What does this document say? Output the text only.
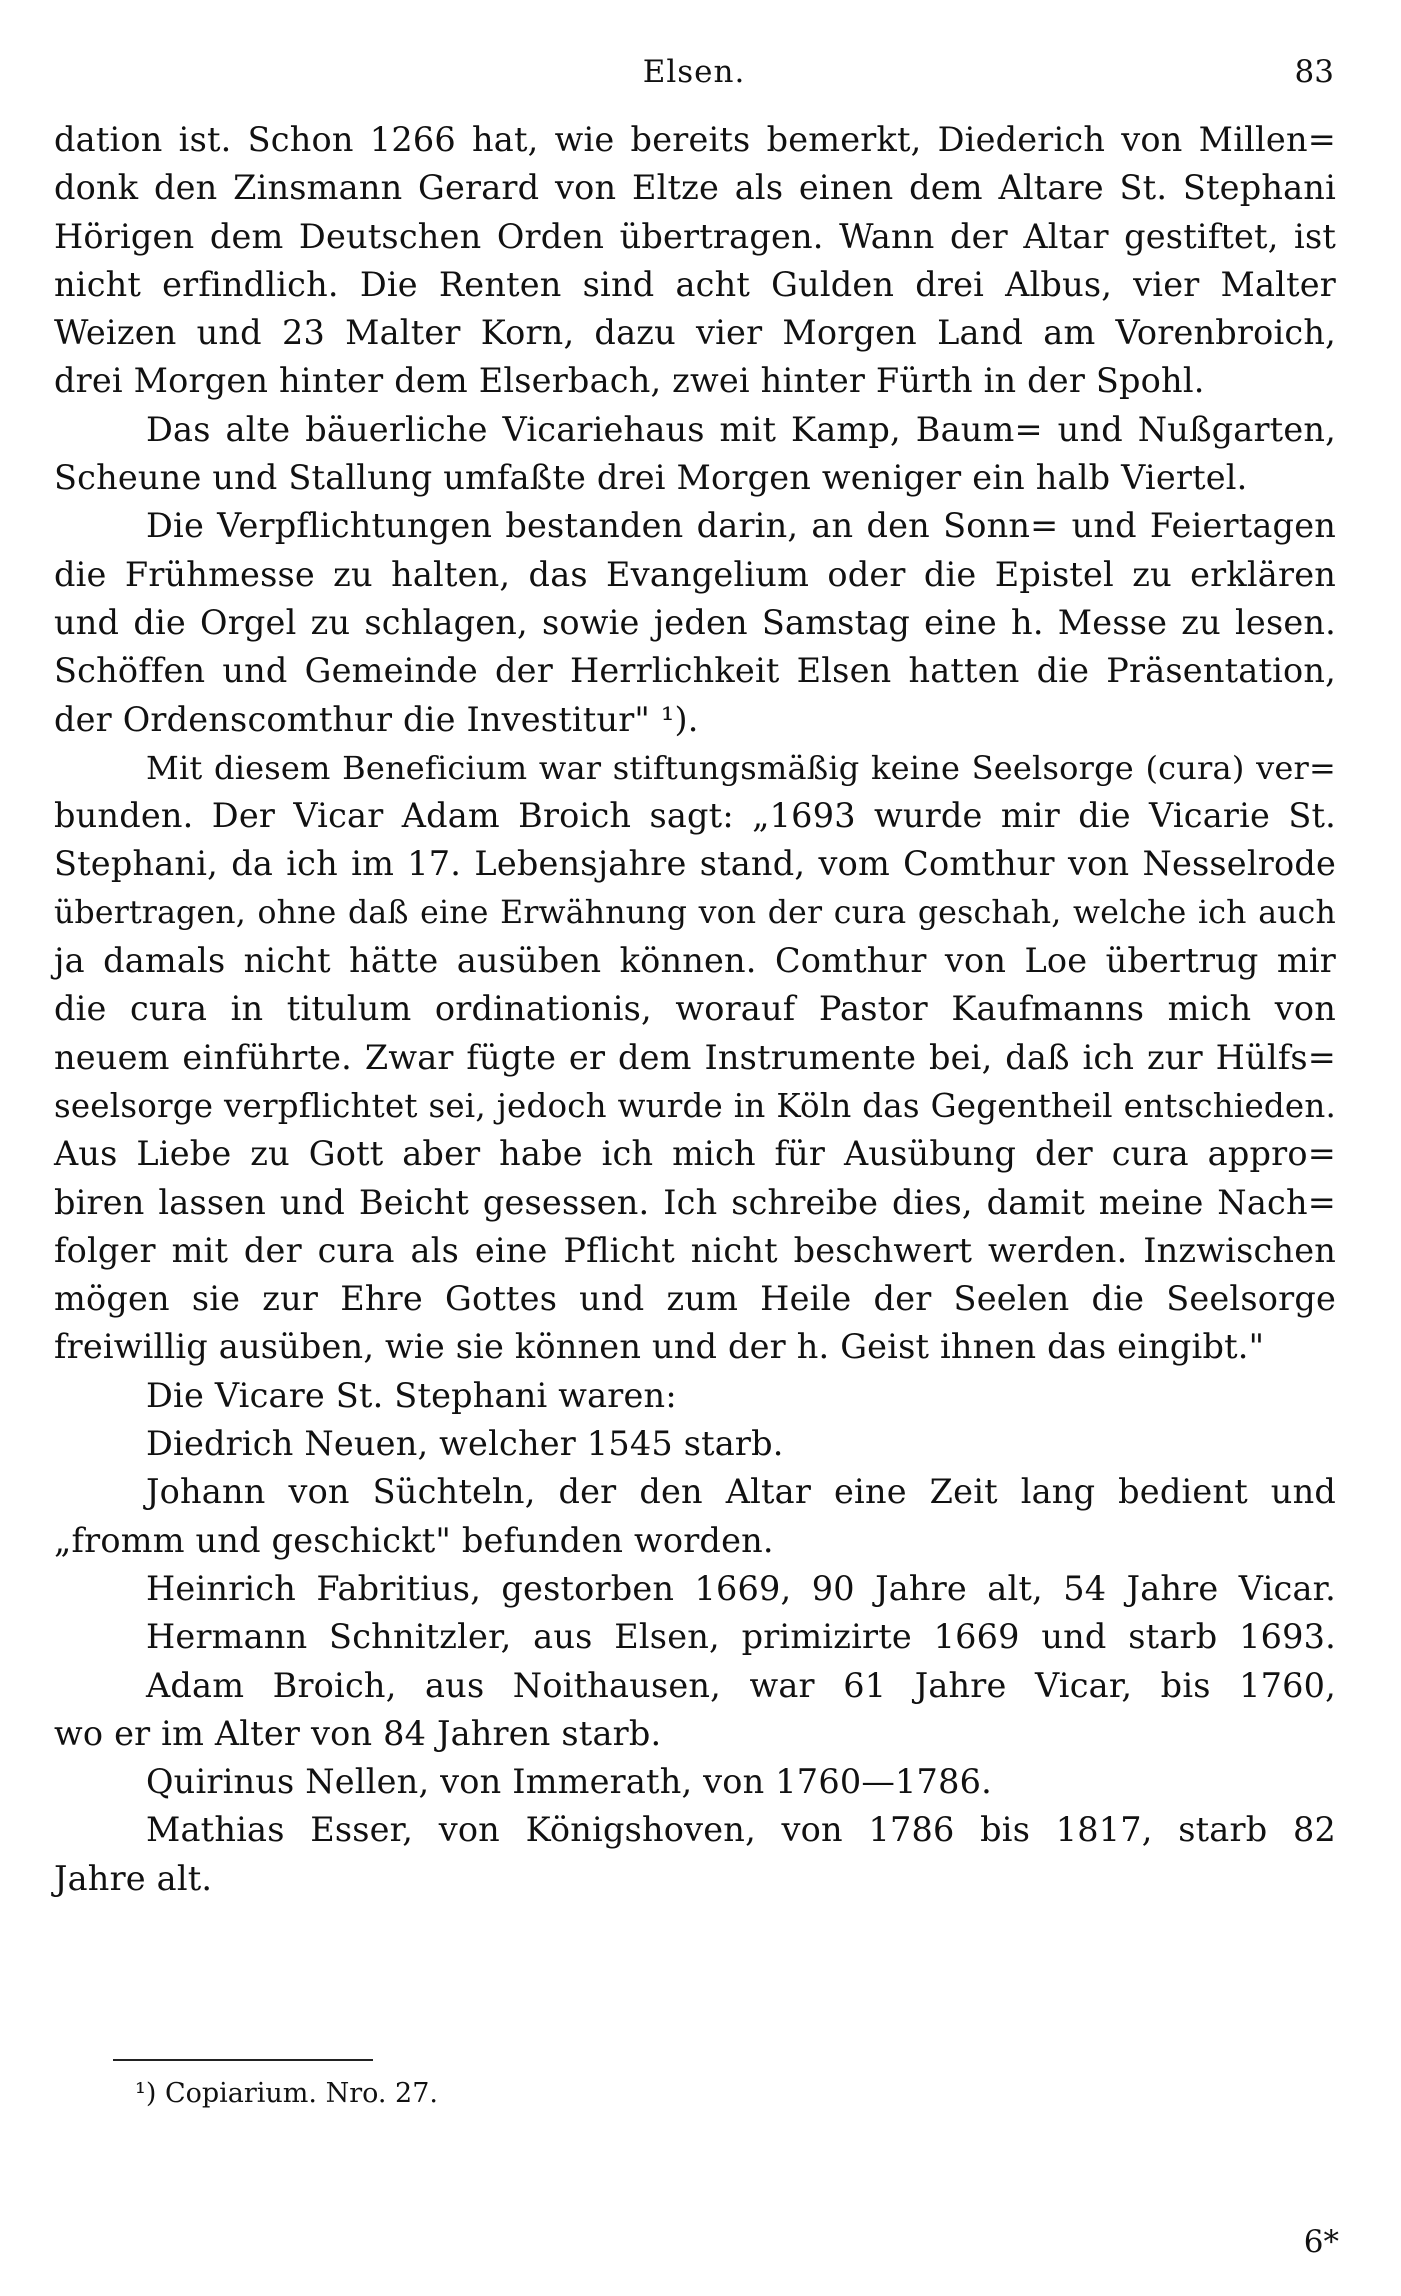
Elsen.	83
dation ist. Schon 1266 hat, wie bereits bemerkt, Diederich von Millen=
donk den Zinsmann Gerard von Eltze als einen dem Altare St. Stephani
Hörigen dem Deutschen Orden übertragen. Wann der Altar gestiftet, ist
nicht erfindlich. Die Renten sind acht Gulden drei Albus, vier Malter
Weizen und 23 Malter Korn, dazu vier Morgen Land am Vorenbroich,
drei Morgen hinter dem Elserbach, zwei hinter Fürth in der Spohl.
Das alte bäuerliche Vicariehaus mit Kamp, Baum= und Nußgarten,
Scheune und Stallung umfaßte drei Morgen weniger ein halb Viertel.
Die Verpflichtungen bestanden darin, an den Sonn= und Feiertagen
die Frühmesse zu halten, das Evangelium oder die Epistel zu erklären
und die Orgel zu schlagen, sowie jeden Samstag eine h. Messe zu lesen.
Schöffen und Gemeinde der Herrlichkeit Elsen hatten die Präsentation,
der Ordenscomthur die Investitur" ¹).
Mit diesem Beneficium war stiftungsmäßig keine Seelsorge (cura) ver=
bunden. Der Vicar Adam Broich sagt: „1693 wurde mir die Vicarie St.
Stephani, da ich im 17. Lebensjahre stand, vom Comthur von Nesselrode
übertragen, ohne daß eine Erwähnung von der cura geschah, welche ich auch
ja damals nicht hätte ausüben können. Comthur von Loe übertrug mir
die cura in titulum ordinationis, worauf Pastor Kaufmanns mich von
neuem einführte. Zwar fügte er dem Instrumente bei, daß ich zur Hülfs=
seelsorge verpflichtet sei, jedoch wurde in Köln das Gegentheil entschieden.
Aus Liebe zu Gott aber habe ich mich für Ausübung der cura appro=
biren lassen und Beicht gesessen. Ich schreibe dies, damit meine Nach=
folger mit der cura als eine Pflicht nicht beschwert werden. Inzwischen
mögen sie zur Ehre Gottes und zum Heile der Seelen die Seelsorge
freiwillig ausüben, wie sie können und der h. Geist ihnen das eingibt."
Die Vicare St. Stephani waren:
Diedrich Neuen, welcher 1545 starb.
Johann von Süchteln, der den Altar eine Zeit lang bedient und
„fromm und geschickt" befunden worden.
Heinrich Fabritius, gestorben 1669, 90 Jahre alt, 54 Jahre Vicar.
Hermann Schnitzler, aus Elsen, primizirte 1669 und starb 1693.
Adam Broich, aus Noithausen, war 61 Jahre Vicar, bis 1760,
wo er im Alter von 84 Jahren starb.
Quirinus Nellen, von Immerath, von 1760—1786.
Mathias Esser, von Königshoven, von 1786 bis 1817, starb 82
Jahre alt.
¹) Copiarium. Nro. 27.
6*
